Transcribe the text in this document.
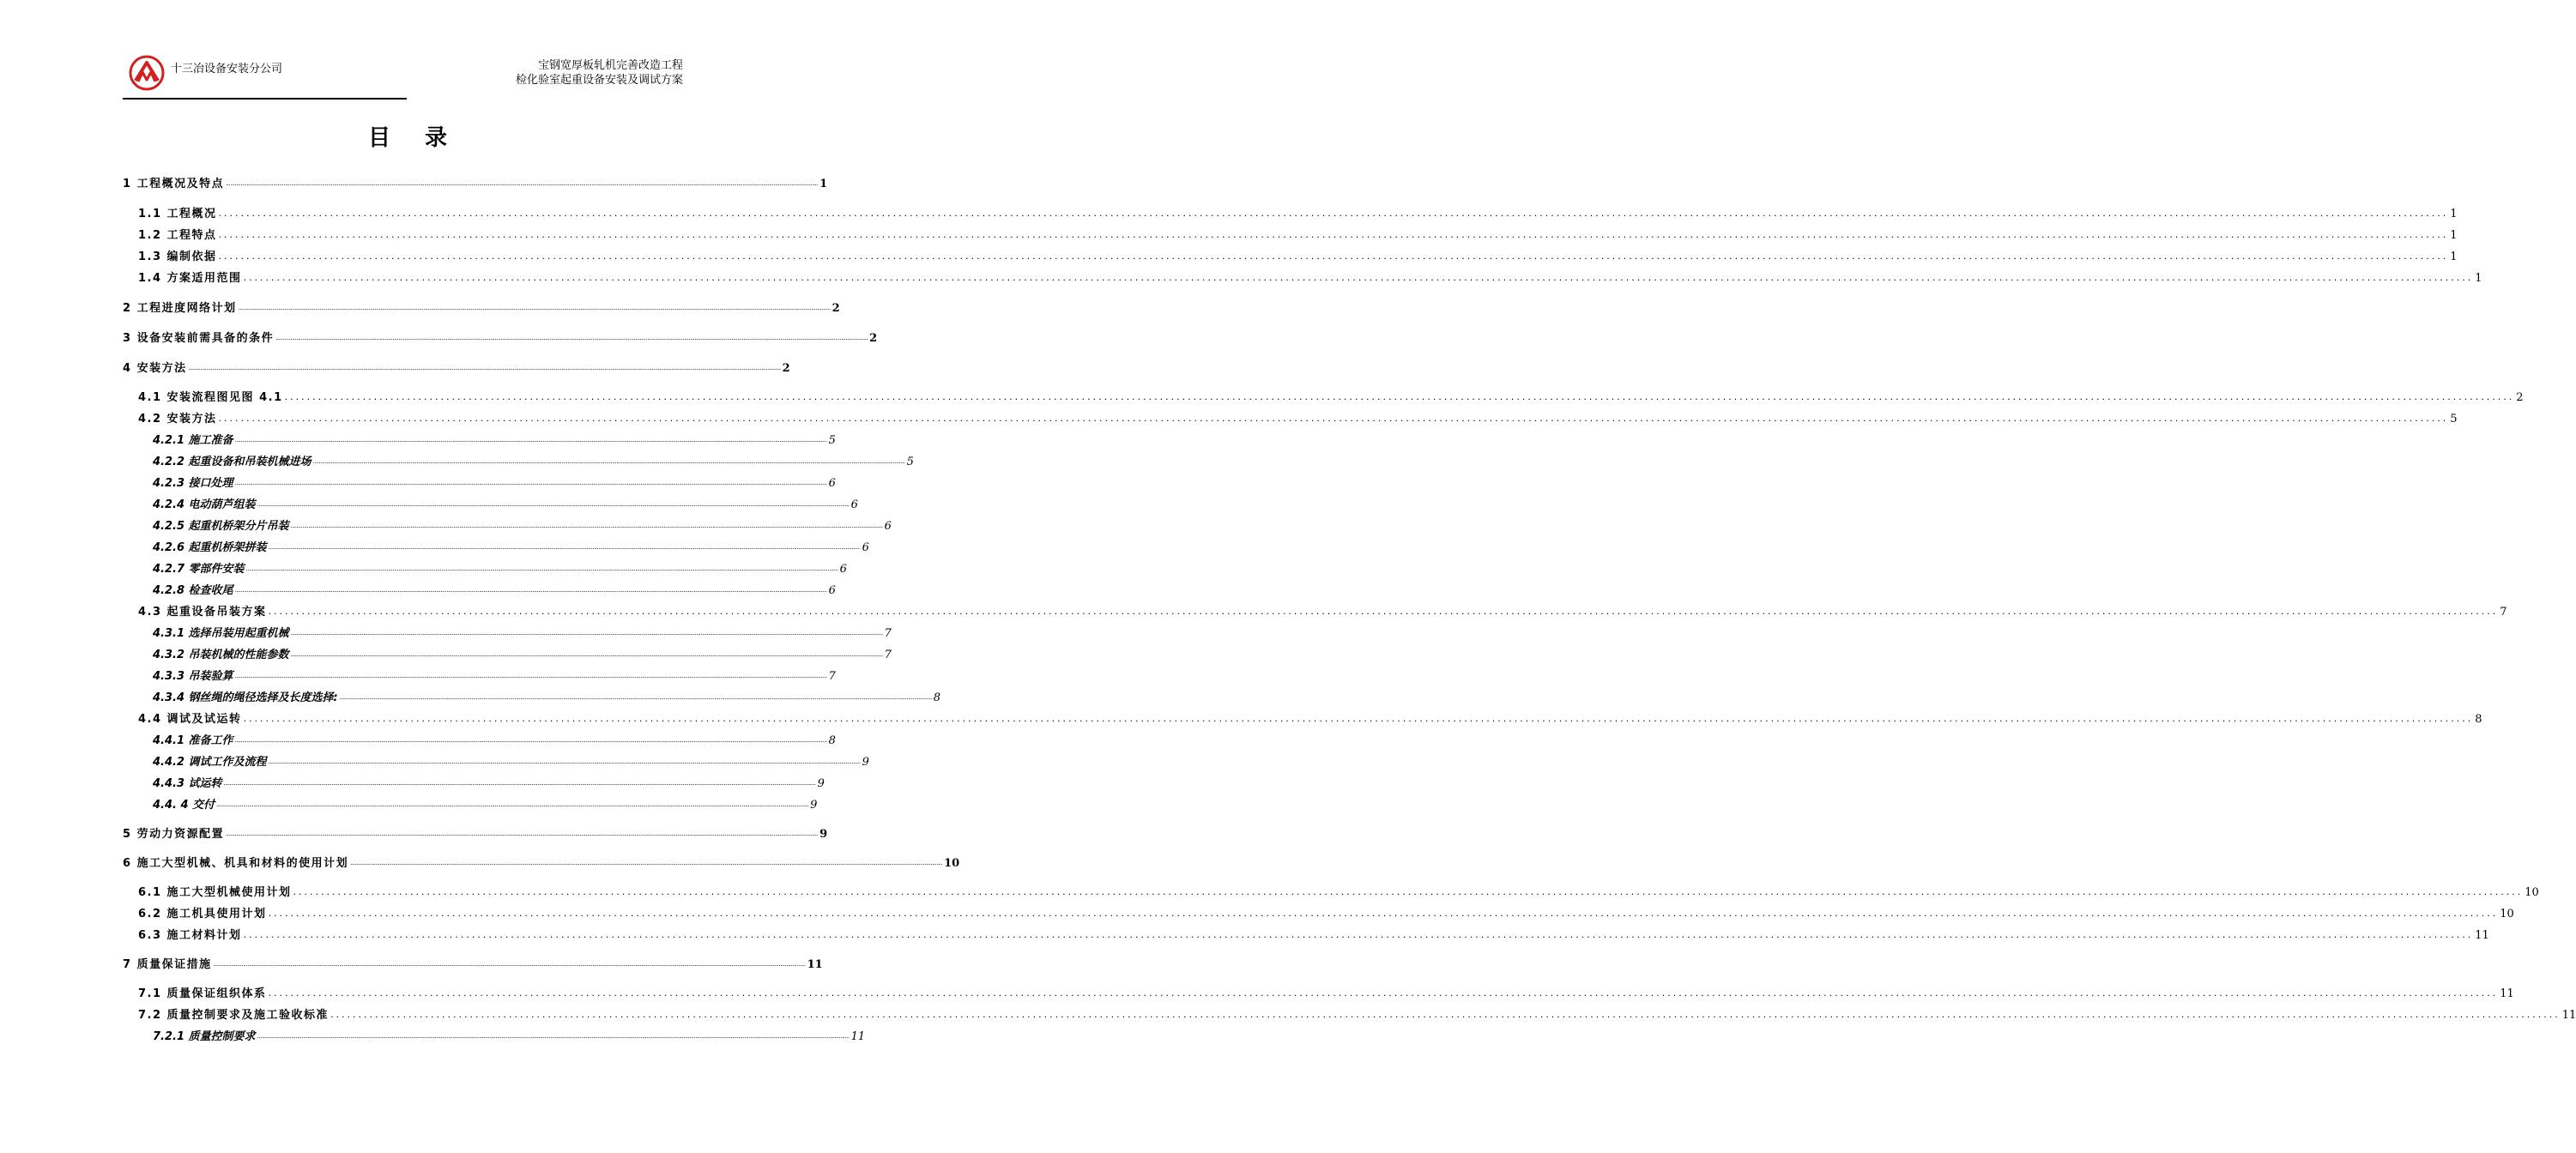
十三冶设备安装分公司	宝钢宽厚板轧机完善改造工程
检化验室起重设备安装及调试方案
目录
1 工程概况及特点 ................................................................................................................................................................................................................................................................................................................................................................................................................ 1
1.1 工程概况 ................................................................................................................................................................................................................................................................................................................................................................................................................ 1
1.2 工程特点 ................................................................................................................................................................................................................................................................................................................................................................................................................ 1
1.3 编制依据 ................................................................................................................................................................................................................................................................................................................................................................................................................ 1
1.4 方案适用范围 ................................................................................................................................................................................................................................................................................................................................................................................................................ 1
2 工程进度网络计划 ................................................................................................................................................................................................................................................................................................................................................................................................................ 2
3 设备安装前需具备的条件 ................................................................................................................................................................................................................................................................................................................................................................................................................ 2
4 安装方法 ................................................................................................................................................................................................................................................................................................................................................................................................................ 2
4.1 安装流程图见图 4.1 ................................................................................................................................................................................................................................................................................................................................................................................................................ 2
4.2 安装方法 ................................................................................................................................................................................................................................................................................................................................................................................................................ 5
4.2.1 施工准备 ................................................................................................................................................................................................................................................................................................................................................................................................................ 5
4.2.2 起重设备和吊装机械进场 ................................................................................................................................................................................................................................................................................................................................................................................................................ 5
4.2.3 接口处理 ................................................................................................................................................................................................................................................................................................................................................................................................................ 6
4.2.4 电动葫芦组装 ................................................................................................................................................................................................................................................................................................................................................................................................................ 6
4.2.5 起重机桥架分片吊装 ................................................................................................................................................................................................................................................................................................................................................................................................................ 6
4.2.6 起重机桥架拼装 ................................................................................................................................................................................................................................................................................................................................................................................................................ 6
4.2.7 零部件安装 ................................................................................................................................................................................................................................................................................................................................................................................................................ 6
4.2.8 检查收尾 ................................................................................................................................................................................................................................................................................................................................................................................................................ 6
4.3 起重设备吊装方案 ................................................................................................................................................................................................................................................................................................................................................................................................................ 7
4.3.1 选择吊装用起重机械 ................................................................................................................................................................................................................................................................................................................................................................................................................ 7
4.3.2 吊装机械的性能参数 ................................................................................................................................................................................................................................................................................................................................................................................................................ 7
4.3.3 吊装验算 ................................................................................................................................................................................................................................................................................................................................................................................................................ 7
4.3.4 钢丝绳的绳径选择及长度选择: ................................................................................................................................................................................................................................................................................................................................................................................................................ 8
4.4 调试及试运转 ................................................................................................................................................................................................................................................................................................................................................................................................................ 8
4.4.1 准备工作 ................................................................................................................................................................................................................................................................................................................................................................................................................ 8
4.4.2 调试工作及流程 ................................................................................................................................................................................................................................................................................................................................................................................................................ 9
4.4.3 试运转 ................................................................................................................................................................................................................................................................................................................................................................................................................ 9
4.4. 4 交付 ................................................................................................................................................................................................................................................................................................................................................................................................................ 9
5 劳动力资源配置 ................................................................................................................................................................................................................................................................................................................................................................................................................ 9
6 施工大型机械、机具和材料的使用计划 ................................................................................................................................................................................................................................................................................................................................................................................................................ 10
6.1 施工大型机械使用计划 ................................................................................................................................................................................................................................................................................................................................................................................................................ 10
6.2 施工机具使用计划 ................................................................................................................................................................................................................................................................................................................................................................................................................ 10
6.3 施工材料计划 ................................................................................................................................................................................................................................................................................................................................................................................................................ 11
7 质量保证措施 ................................................................................................................................................................................................................................................................................................................................................................................................................ 11
7.1 质量保证组织体系 ................................................................................................................................................................................................................................................................................................................................................................................................................ 11
7.2 质量控制要求及施工验收标准 ................................................................................................................................................................................................................................................................................................................................................................................................................ 11
7.2.1 质量控制要求 ................................................................................................................................................................................................................................................................................................................................................................................................................ 11
